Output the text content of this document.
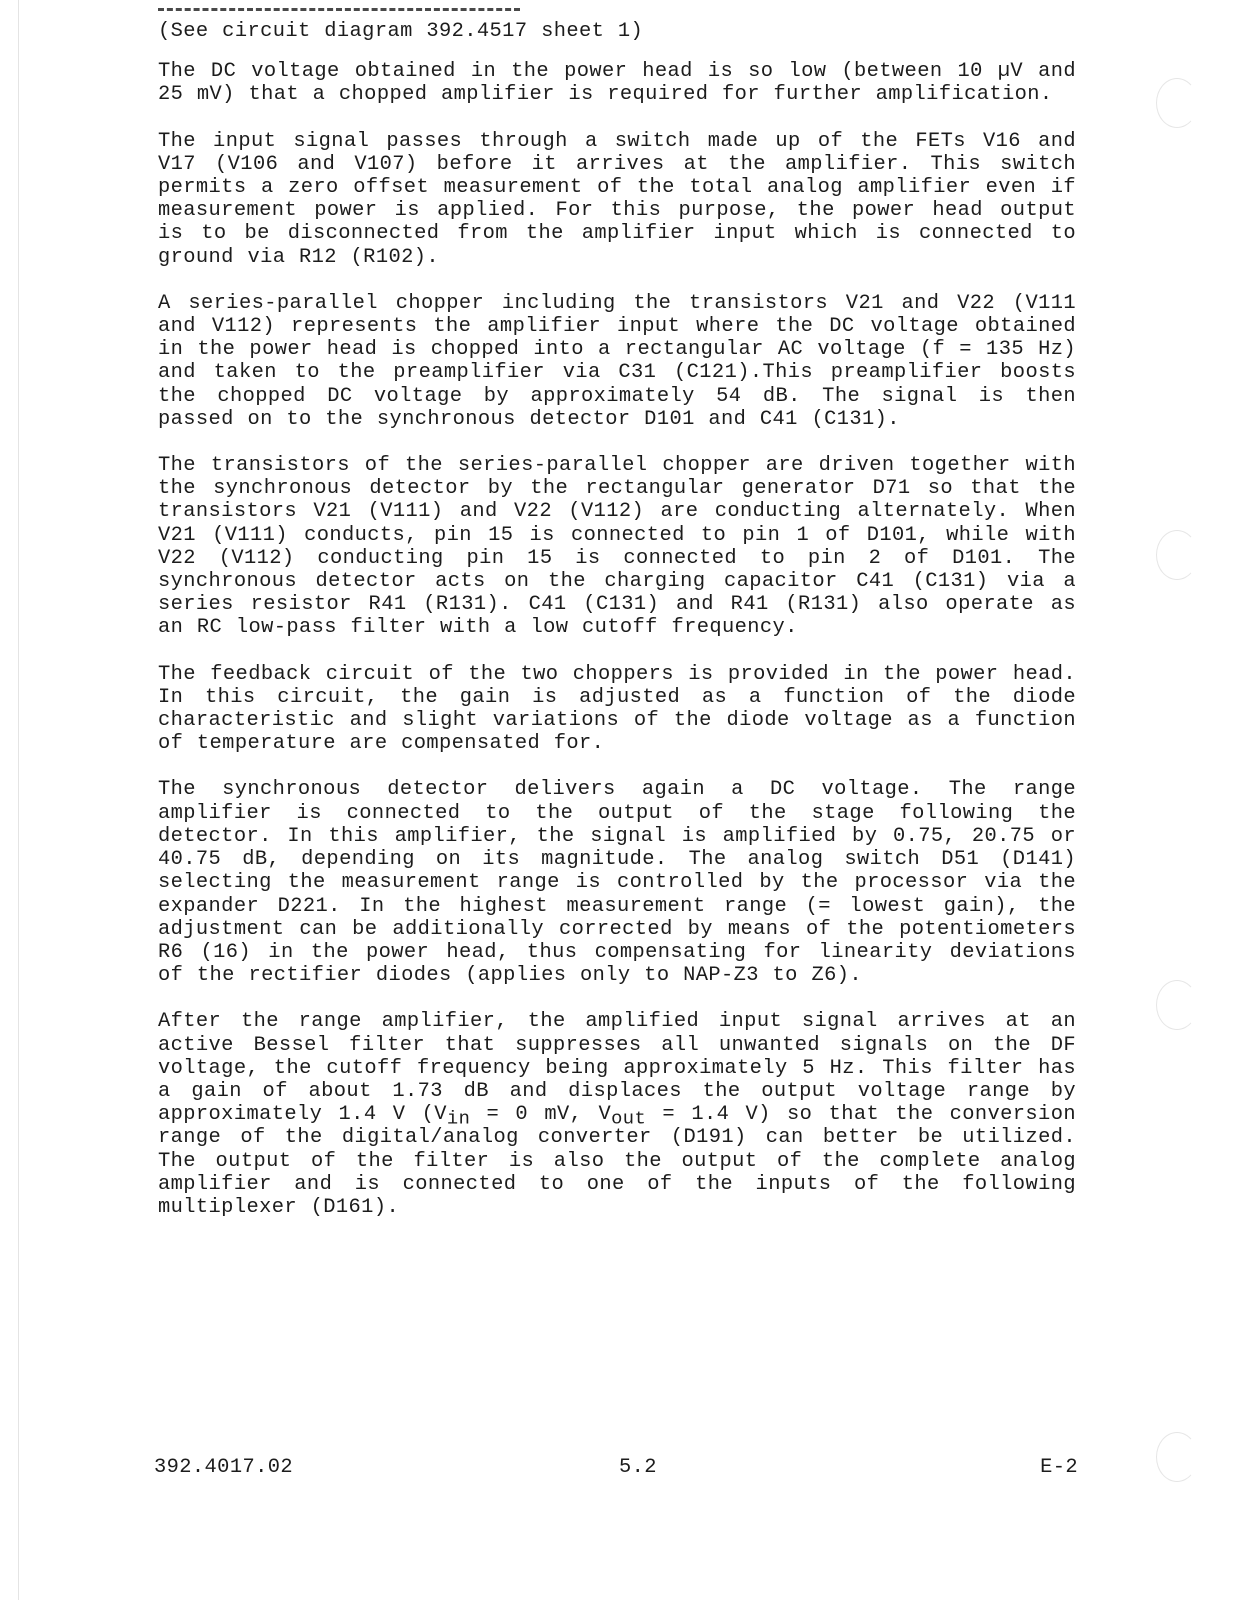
(See circuit diagram 392.4517 sheet 1)

The DC voltage obtained in the power head is so low (between 10 µV and 25 mV) that a chopped amplifier is required for further amplification.

The input signal passes through a switch made up of the FETs V16 and V17 (V106 and V107) before it arrives at the amplifier. This switch permits a zero offset measurement of the total analog amplifier even if measurement power is applied. For this purpose, the power head output is to be disconnected from the amplifier input which is connected to ground via R12 (R102).

A series-parallel chopper including the transistors V21 and V22 (V111 and V112) represents the amplifier input where the DC voltage obtained in the power head is chopped into a rectangular AC voltage (f = 135 Hz) and taken to the preamplifier via C31 (C121).This preamplifier boosts the chopped DC voltage by approximately 54 dB. The signal is then passed on to the synchronous detector D101 and C41 (C131).

The transistors of the series-parallel chopper are driven together with the synchronous detector by the rectangular generator D71 so that the transistors V21 (V111) and V22 (V112) are conducting alternately. When V21 (V111) conducts, pin 15 is connected to pin 1 of D101, while with V22 (V112) conducting pin 15 is connected to pin 2 of D101. The synchronous detector acts on the charging capacitor C41 (C131) via a series resistor R41 (R131). C41 (C131) and R41 (R131) also operate as an RC low-pass filter with a low cutoff frequency.

The feedback circuit of the two choppers is provided in the power head. In this circuit, the gain is adjusted as a function of the diode characteristic and slight variations of the diode voltage as a function of temperature are compensated for.

The synchronous detector delivers again a DC voltage. The range amplifier is connected to the output of the stage following the detector. In this amplifier, the signal is amplified by 0.75, 20.75 or 40.75 dB, depending on its magnitude. The analog switch D51 (D141) selecting the measurement range is controlled by the processor via the expander D221. In the highest measurement range (= lowest gain), the adjustment can be additionally corrected by means of the potentiometers R6 (16) in the power head, thus compensating for linearity deviations of the rectifier diodes (applies only to NAP-Z3 to Z6).

After the range amplifier, the amplified input signal arrives at an active Bessel filter that suppresses all unwanted signals on the DF voltage, the cutoff frequency being approximately 5 Hz. This filter has a gain of about 1.73 dB and displaces the output voltage range by approximately 1.4 V ($V_{in} = 0$ mV, $V_{out} = 1.4$ V) so that the conversion range of the digital/analog converter (D191) can better be utilized. The output of the filter is also the output of the complete analog amplifier and is connected to one of the inputs of the following multiplexer (D161).

392.4017.02	5.2	E-2
